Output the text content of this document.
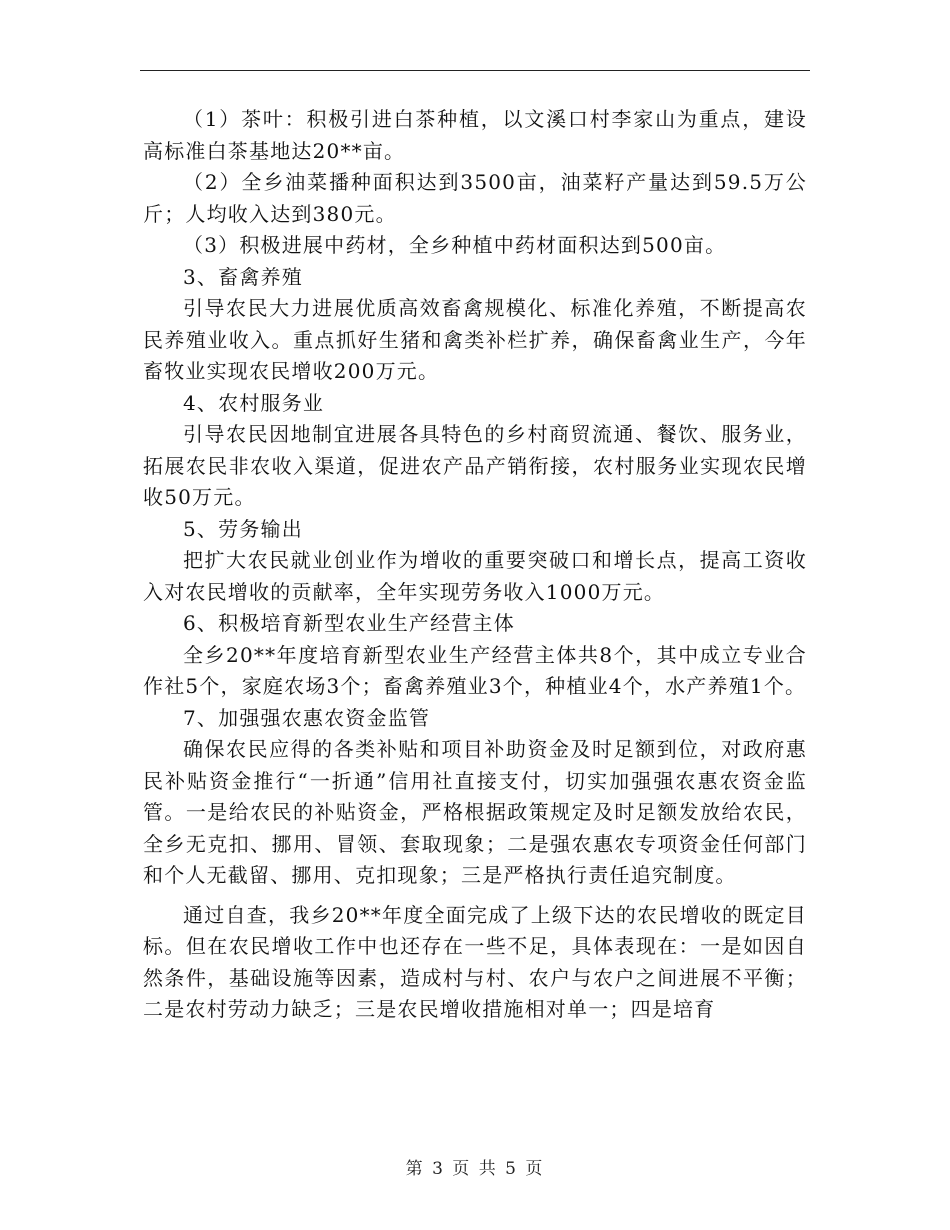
（1）茶叶：积极引进白茶种植，以文溪口村李家山为重点，建设高标准白茶基地达20**亩。

（2）全乡油菜播种面积达到3500亩，油菜籽产量达到59.5万公斤；人均收入达到380元。

（3）积极进展中药材，全乡种植中药材面积达到500亩。

3、畜禽养殖

引导农民大力进展优质高效畜禽规模化、标准化养殖，不断提高农民养殖业收入。重点抓好生猪和禽类补栏扩养，确保畜禽业生产，今年畜牧业实现农民增收200万元。

4、农村服务业

引导农民因地制宜进展各具特色的乡村商贸流通、餐饮、服务业，拓展农民非农收入渠道，促进农产品产销衔接，农村服务业实现农民增收50万元。

5、劳务输出

把扩大农民就业创业作为增收的重要突破口和增长点，提高工资收入对农民增收的贡献率，全年实现劳务收入1000万元。

6、积极培育新型农业生产经营主体

全乡20**年度培育新型农业生产经营主体共8个，其中成立专业合作社5个，家庭农场3个；畜禽养殖业3个，种植业4个，水产养殖1个。

7、加强强农惠农资金监管

确保农民应得的各类补贴和项目补助资金及时足额到位，对政府惠民补贴资金推行“一折通”信用社直接支付，切实加强强农惠农资金监管。一是给农民的补贴资金，严格根据政策规定及时足额发放给农民，全乡无克扣、挪用、冒领、套取现象；二是强农惠农专项资金任何部门和个人无截留、挪用、克扣现象；三是严格执行责任追究制度。

通过自查，我乡20**年度全面完成了上级下达的农民增收的既定目标。但在农民增收工作中也还存在一些不足，具体表现在：一是如因自然条件，基础设施等因素，造成村与村、农户与农户之间进展不平衡；二是农村劳动力缺乏；三是农民增收措施相对单一；四是培育

第 3 页 共 5 页
